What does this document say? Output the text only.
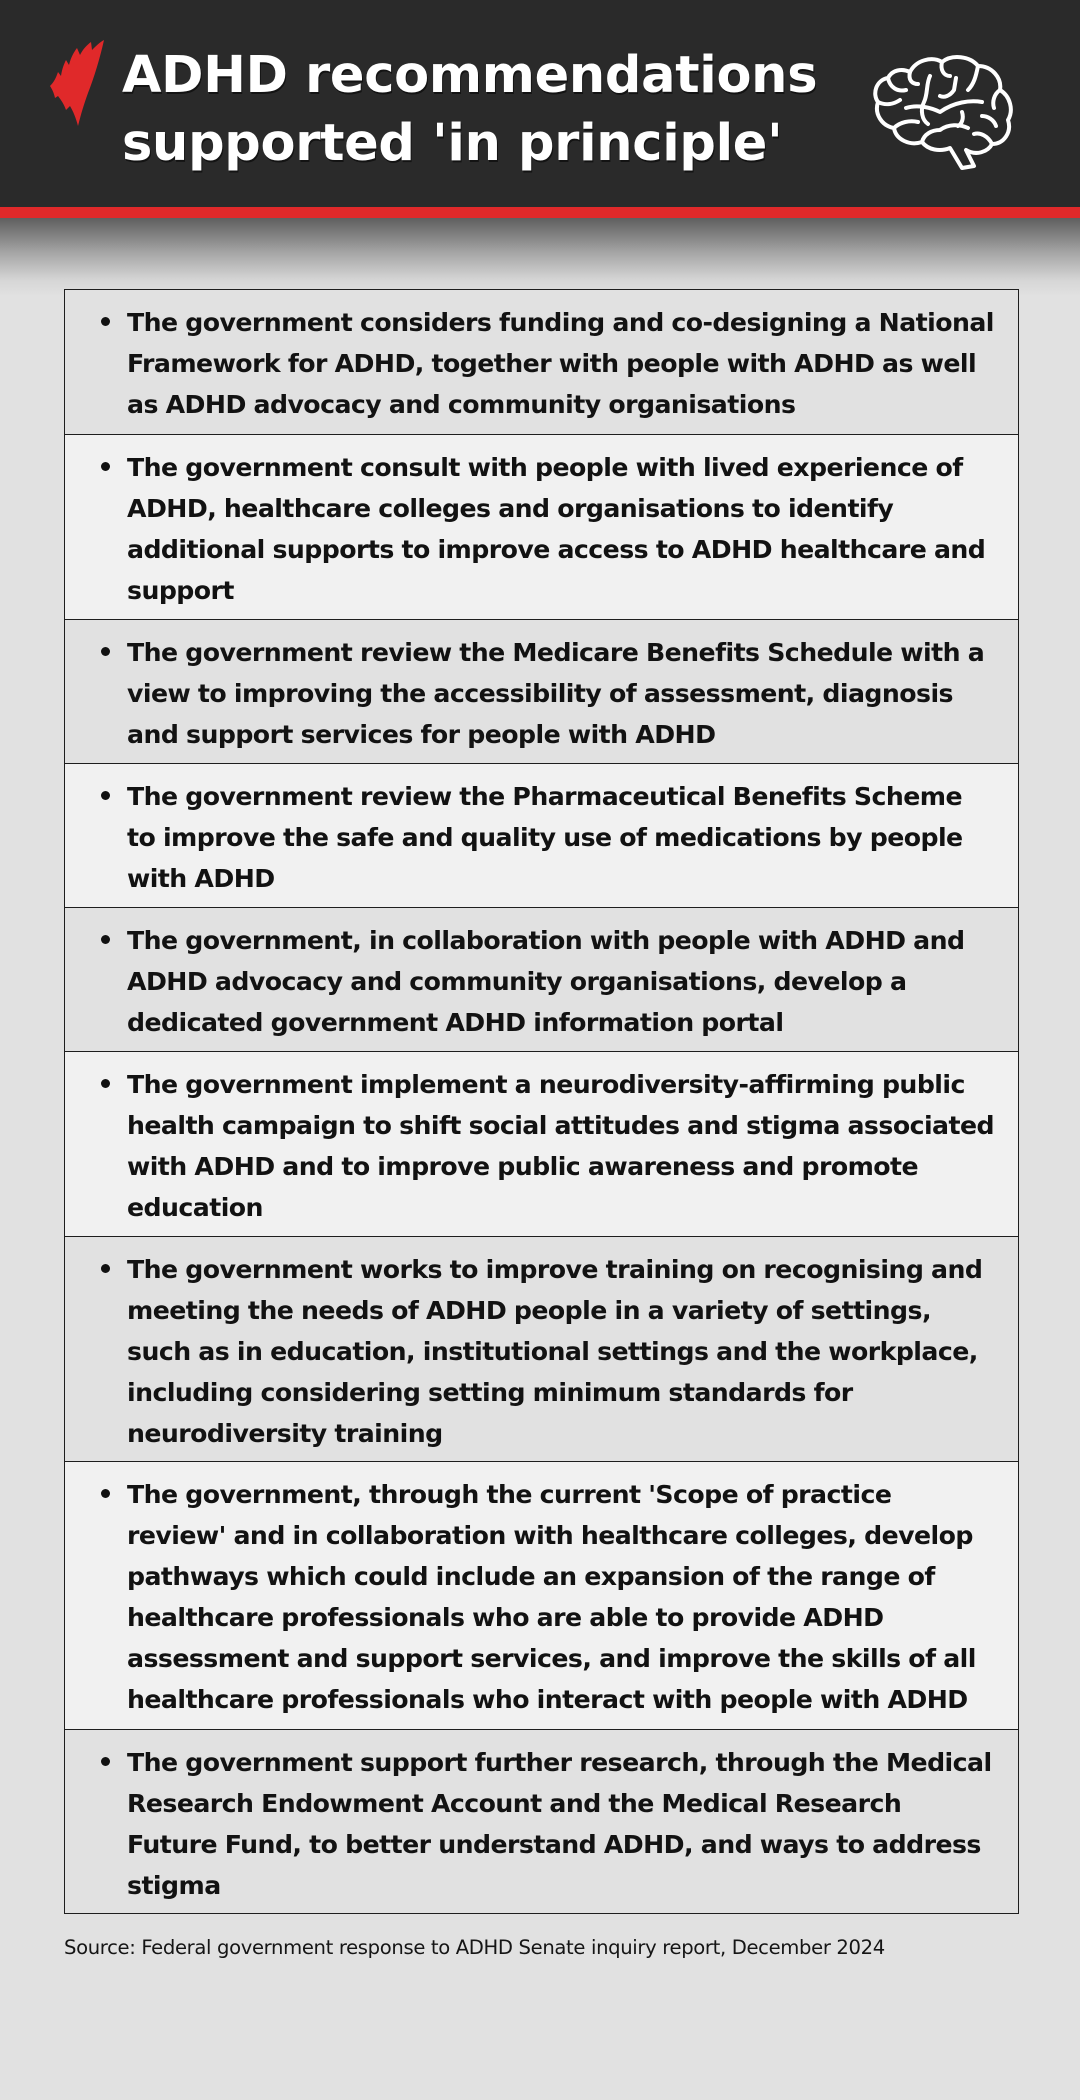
ADHD recommendations
supported 'in principle'
The government considers funding and co-designing a National
Framework for ADHD, together with people with ADHD as well
as ADHD advocacy and community organisations
The government consult with people with lived experience of
ADHD, healthcare colleges and organisations to identify
additional supports to improve access to ADHD healthcare and
support
The government review the Medicare Benefits Schedule with a
view to improving the accessibility of assessment, diagnosis
and support services for people with ADHD
The government review the Pharmaceutical Benefits Scheme
to improve the safe and quality use of medications by people
with ADHD
The government, in collaboration with people with ADHD and
ADHD advocacy and community organisations, develop a
dedicated government ADHD information portal
The government implement a neurodiversity-affirming public
health campaign to shift social attitudes and stigma associated
with ADHD and to improve public awareness and promote
education
The government works to improve training on recognising and
meeting the needs of ADHD people in a variety of settings,
such as in education, institutional settings and the workplace,
including considering setting minimum standards for
neurodiversity training
The government, through the current 'Scope of practice
review' and in collaboration with healthcare colleges, develop
pathways which could include an expansion of the range of
healthcare professionals who are able to provide ADHD
assessment and support services, and improve the skills of all
healthcare professionals who interact with people with ADHD
The government support further research, through the Medical
Research Endowment Account and the Medical Research
Future Fund, to better understand ADHD, and ways to address
stigma
Source: Federal government response to ADHD Senate inquiry report, December 2024
